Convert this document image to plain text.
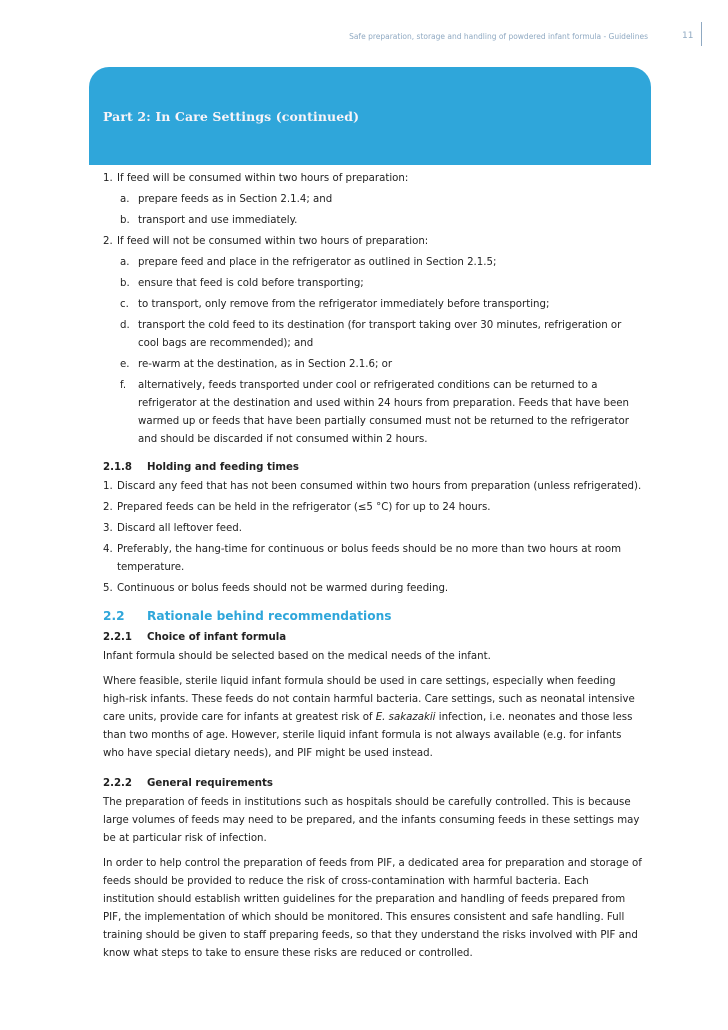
Safe preparation, storage and handling of powdered infant formula - Guidelines	11
Part 2: In Care Settings (continued)
1. If feed will be consumed within two hours of preparation:
a. prepare feeds as in Section 2.1.4; and
b. transport and use immediately.
2. If feed will not be consumed within two hours of preparation:
a. prepare feed and place in the refrigerator as outlined in Section 2.1.5;
b. ensure that feed is cold before transporting;
c. to transport, only remove from the refrigerator immediately before transporting;
d. transport the cold feed to its destination (for transport taking over 30 minutes, refrigeration or cool bags are recommended); and
e. re-warm at the destination, as in Section 2.1.6; or
f.	alternatively, feeds transported under cool or refrigerated conditions can be returned to a refrigerator at the destination and used within 24 hours from preparation. Feeds that have been warmed up or feeds that have been partially consumed must not be returned to the refrigerator and should be discarded if not consumed within 2 hours.
2.1.8	Holding and feeding times
1. Discard any feed that has not been consumed within two hours from preparation (unless refrigerated).
2. Prepared feeds can be held in the refrigerator (≤5 °C) for up to 24 hours.
3. Discard all leftover feed.
4. Preferably, the hang-time for continuous or bolus feeds should be no more than two hours at room temperature.
5. Continuous or bolus feeds should not be warmed during feeding.
2.2	Rationale behind recommendations
2.2.1	Choice of infant formula

Infant formula should be selected based on the medical needs of the infant.

Where feasible, sterile liquid infant formula should be used in care settings, especially when feeding high-risk infants. These feeds do not contain harmful bacteria. Care settings, such as neonatal intensive care units, provide care for infants at greatest risk of E. sakazakii infection, i.e. neonates and those less than two months of age. However, sterile liquid infant formula is not always available (e.g. for infants who have special dietary needs), and PIF might be used instead.

2.2.2	General requirements

The preparation of feeds in institutions such as hospitals should be carefully controlled. This is because large volumes of feeds may need to be prepared, and the infants consuming feeds in these settings may be at particular risk of infection.

In order to help control the preparation of feeds from PIF, a dedicated area for preparation and storage of feeds should be provided to reduce the risk of cross-contamination with harmful bacteria. Each institution should establish written guidelines for the preparation and handling of feeds prepared from PIF, the implementation of which should be monitored. This ensures consistent and safe handling. Full training should be given to staff preparing feeds, so that they understand the risks involved with PIF and know what steps to take to ensure these risks are reduced or controlled.
